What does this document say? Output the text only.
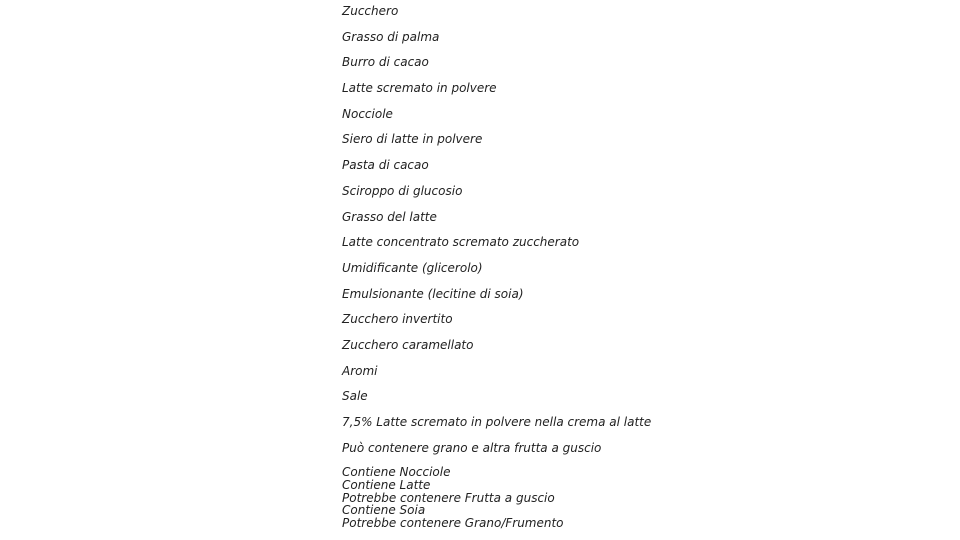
Zucchero
Grasso di palma
Burro di cacao
Latte scremato in polvere
Nocciole
Siero di latte in polvere
Pasta di cacao
Sciroppo di glucosio
Grasso del latte
Latte concentrato scremato zuccherato
Umidificante (glicerolo)
Emulsionante (lecitine di soia)
Zucchero invertito
Zucchero caramellato
Aromi
Sale
7,5% Latte scremato in polvere nella crema al latte
Può contenere grano e altra frutta a guscio
Contiene Nocciole
Contiene Latte
Potrebbe contenere Frutta a guscio
Contiene Soia
Potrebbe contenere Grano/Frumento
